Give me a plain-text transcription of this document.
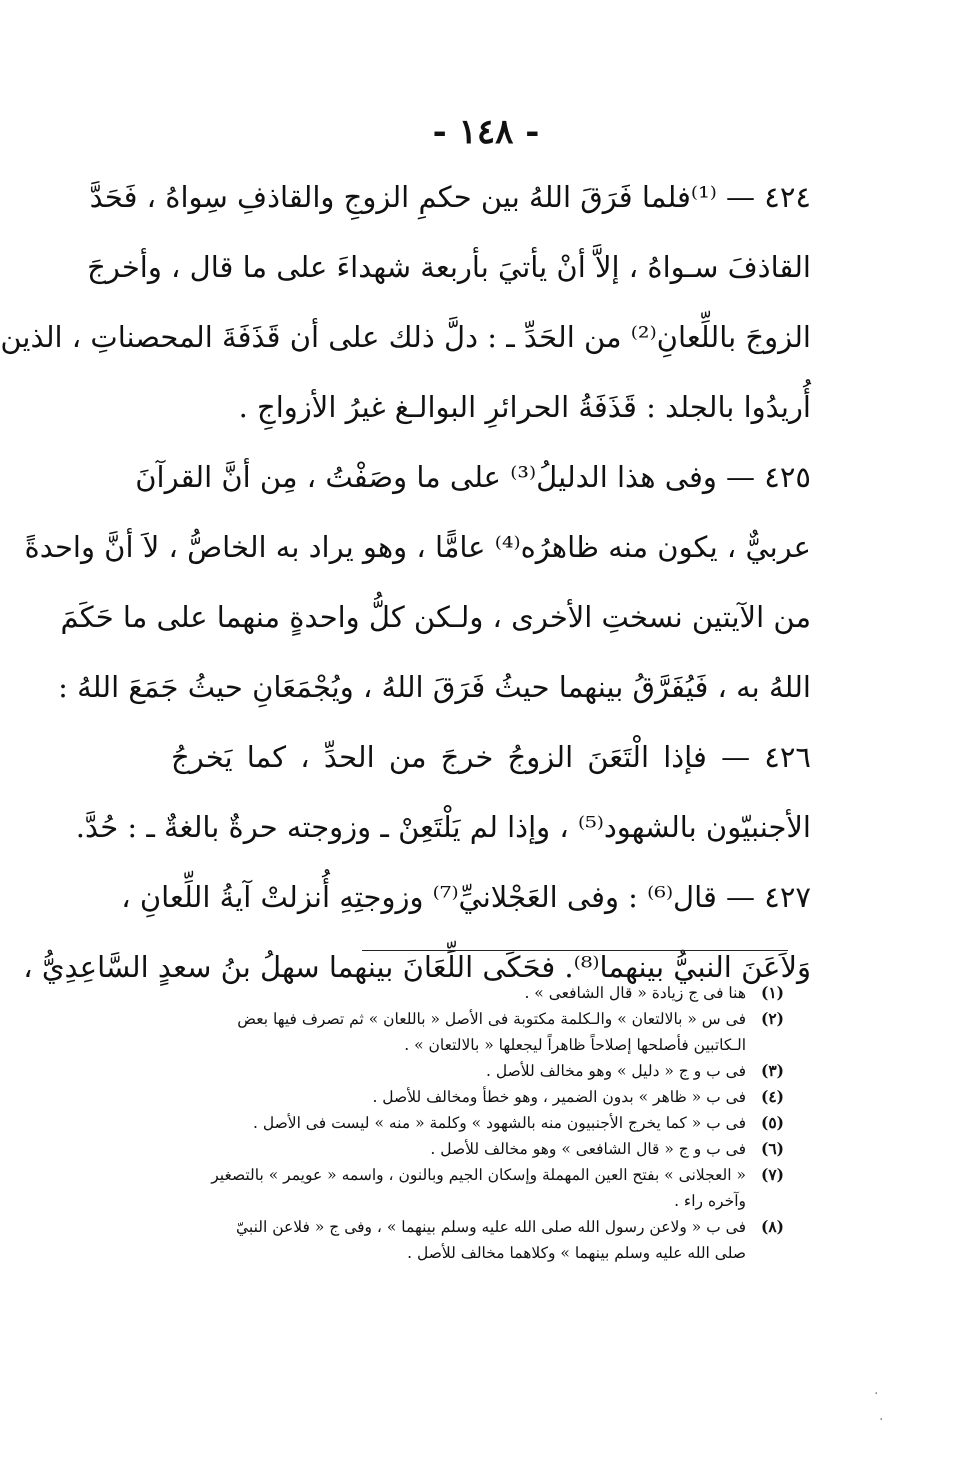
- ١٤٨ -
٤٢٤ — ⁽¹⁾فلما فَرَقَ اللهُ بين حكمِ الزوجِ والقاذفِ سِواهُ ، فَحَدَّ
القاذفَ سـواهُ ، إلاَّ أنْ يأتيَ بأربعة شهداءَ على ما قال ، وأخرجَ
الزوجَ باللِّعانِ⁽²⁾ من الحَدِّ ـ : دلَّ ذلك على أن قَذَفَةَ المحصناتِ ، الذين
أُريدُوا بالجلد : قَذَفَةُ الحرائرِ البوالـغ غيرُ الأزواجِ .
٤٢٥ — وفى هذا الدليلُ⁽³⁾ على ما وصَفْتُ ، مِن أنَّ القرآنَ
عربيٌّ ، يكون منه ظاهرُه⁽⁴⁾ عامًّا ، وهو يراد به الخاصُّ ، لاَ أنَّ واحدةً
من الآيتين نسختِ الأخرى ، ولـكن كلُّ واحدةٍ منهما على ما حَكَمَ
اللهُ به ، فَيُفَرَّقُ بينهما حيثُ فَرَقَ اللهُ ، ويُجْمَعَانِ حيثُ جَمَعَ اللهُ :
٤٢٦ — فإذا الْتَعَنَ الزوجُ خرجَ من الحدِّ ، كما يَخرجُ
الأجنبيّون بالشهود⁽⁵⁾ ، وإذا لم يَلْتَعِنْ ـ وزوجته حرةٌ بالغةٌ ـ : حُدَّ.
٤٢٧ — قال⁽⁶⁾ : وفى العَجْلانيِّ⁽⁷⁾ وزوجتِهِ أُنزلتْ آيةُ اللِّعانِ ،
وَلاَعَنَ النبيُّ بينهما⁽⁸⁾. فحَكَى اللِّعَانَ بينهما سهلُ بنُ سعدٍ السَّاعِدِيُّ ،
(١)
هنا فى ج زيادة « قال الشافعى » .
(٢)
فى س « بالالتعان » والـكلمة مكتوبة فى الأصل « باللعان » ثم تصرف فيها بعض
الـكاتبين فأصلحها إصلاحاً ظاهراً ليجعلها « بالالتعان » .
(٣)
فى ب و ج « دليل » وهو مخالف للأصل .
(٤)
فى ب « ظاهر » بدون الضمير ، وهو خطأ ومخالف للأصل .
(٥)
فى ب « كما يخرج الأجنبيون منه بالشهود » وكلمة « منه » ليست فى الأصل .
(٦)
فى ب و ج « قال الشافعى » وهو مخالف للأصل .
(٧)
« العجلانى » بفتح العين المهملة وإسكان الجيم وبالنون ، واسمه « عويمر » بالتصغير
وآخره راء .
(٨)
فى ب « ولاعن رسول الله صلى الله عليه وسلم بينهما » ، وفى ج « فلاعن النبيّ
صلى الله عليه وسلم بينهما » وكلاهما مخالف للأصل .
·
·
